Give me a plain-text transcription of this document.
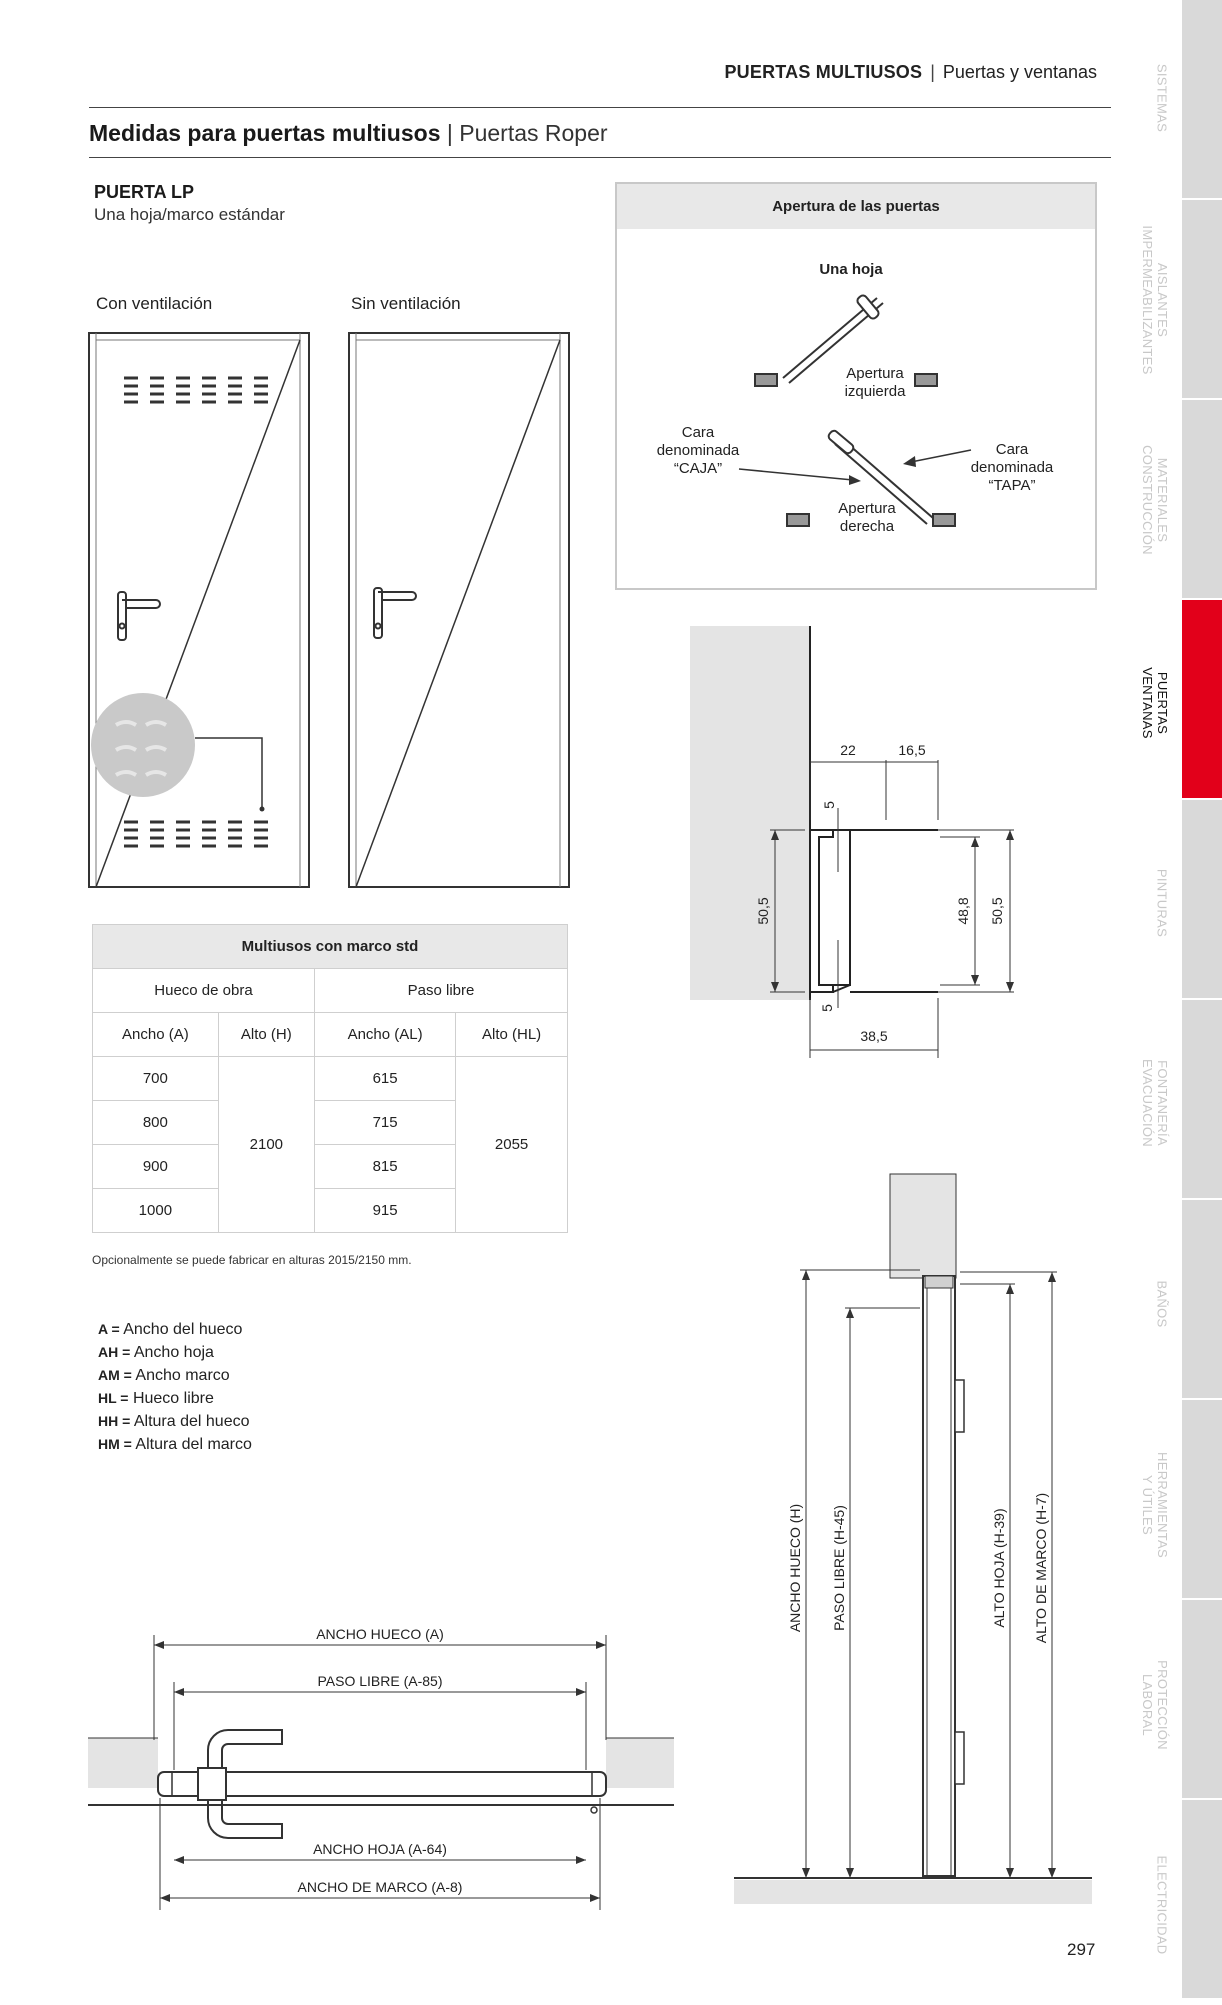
PUERTAS MULTIUSOS | Puertas y ventanas
Medidas para puertas multiusos | Puertas Roper
PUERTA LP
Una hoja/marco estándar
Con ventilación	Sin ventilación
Apertura de las puertas
Una hoja
Apertura
izquierda
Apertura
derecha
Cara
denominada
“CAJA”
Cara
denominada
“TAPA”
22	16,5
5
5
50,5	48,8 50,5
38,5
Multiusos con marco std			
Hueco de obra		Paso libre	
Ancho (A)	Alto (H)	Ancho (AL)	Alto (HL)
700	2100	615	2055
800		715	
900		815	
1000		915	
Opcionalmente se puede fabricar en alturas 2015/2150 mm.
A = Ancho del hueco
AH = Ancho hoja
AM = Ancho marco
HL = Hueco libre
HH = Altura del hueco
HM = Altura del marco
ANCHO HUECO (A)
PASO LIBRE (A-85)
ANCHO HOJA (A-64)
ANCHO DE MARCO (A-8)
ANCHO HUECO (H) PASO LIBRE (H-45)	ALTO HOJA (H-39) ALTO DE MARCO (H-7)
SISTEMAS
AISLANTES
IMPERMEABILIZANTES
MATERIALES
CONSTRUCCIÓN
PUERTAS
VENTANAS
PINTURAS
FONTANERÍA
EVACUACIÓN
BAÑOS
HERRAMIENTAS
Y ÚTILES
PROTECCIÓN
LABORAL
ELECTRICIDAD
297
